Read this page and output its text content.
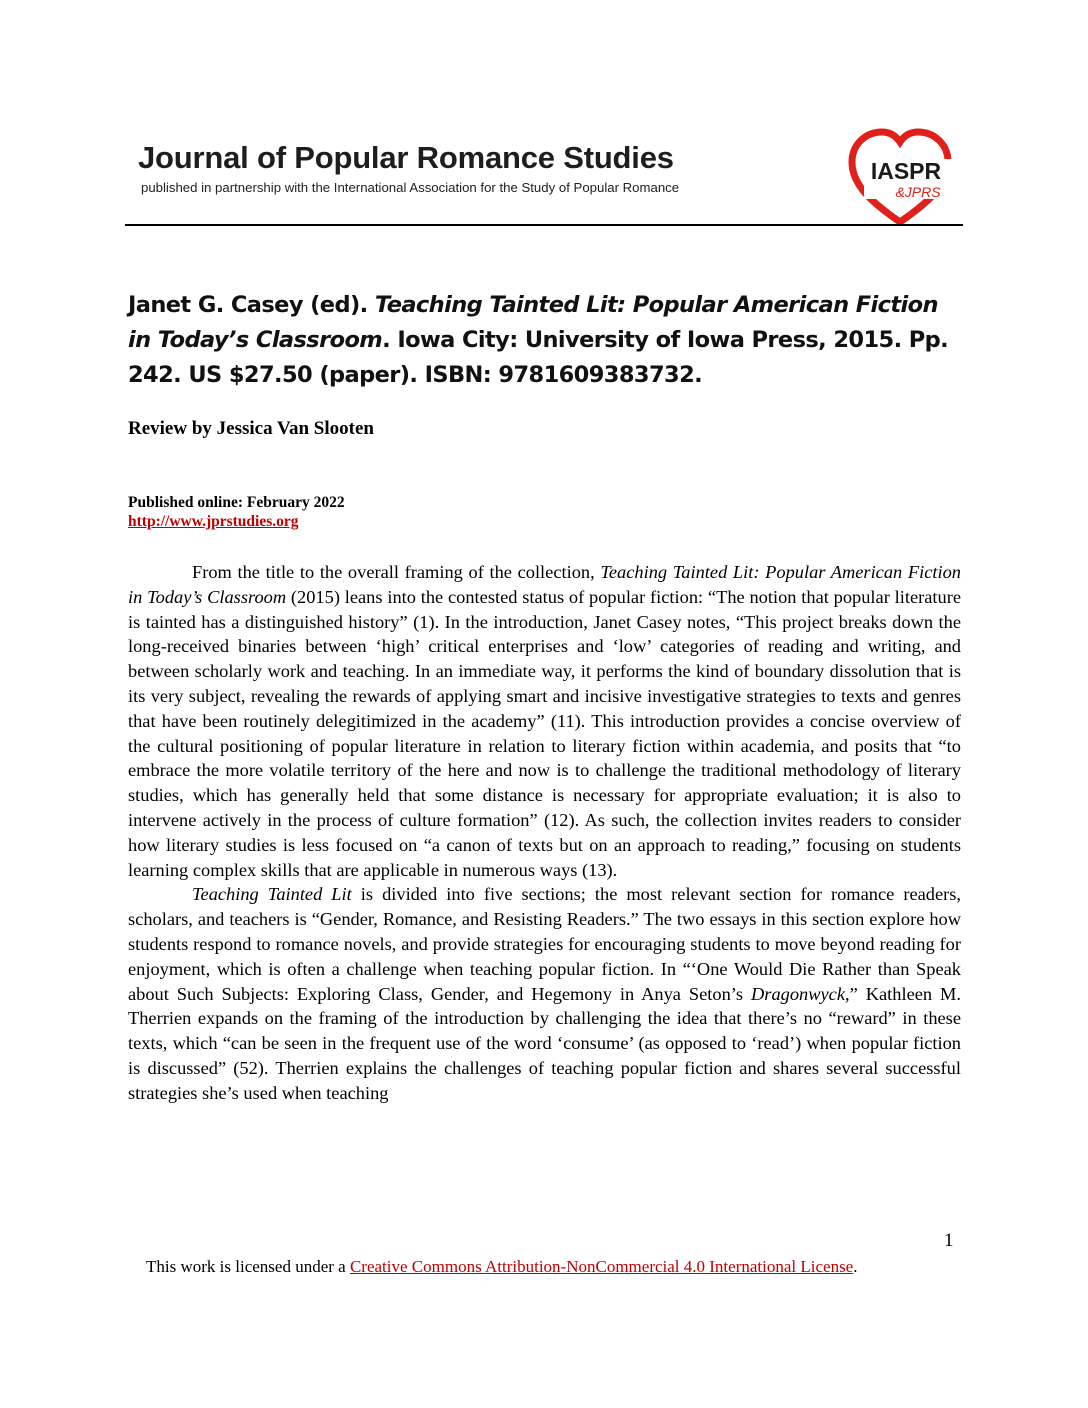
Journal of Popular Romance Studies
published in partnership with the International Association for the Study of Popular Romance
IASPR
&JPRS
Janet G. Casey (ed). Teaching Tainted Lit: Popular American Fiction in Today’s Classroom. Iowa City: University of Iowa Press, 2015. Pp. 242. US $27.50 (paper). ISBN: 9781609383732.
Review by Jessica Van Slooten
Published online: February 2022
http://www.jprstudies.org

From the title to the overall framing of the collection, Teaching Tainted Lit: Popular American Fiction in Today’s Classroom (2015) leans into the contested status of popular fiction: “The notion that popular literature is tainted has a distinguished history” (1). In the introduction, Janet Casey notes, “This project breaks down the long-received binaries between ‘high’ critical enterprises and ‘low’ categories of reading and writing, and between scholarly work and teaching. In an immediate way, it performs the kind of boundary dissolution that is its very subject, revealing the rewards of applying smart and incisive investigative strategies to texts and genres that have been routinely delegitimized in the academy” (11). This introduction provides a concise overview of the cultural positioning of popular literature in relation to literary fiction within academia, and posits that “to embrace the more volatile territory of the here and now is to challenge the traditional methodology of literary studies, which has generally held that some distance is necessary for appropriate evaluation; it is also to intervene actively in the process of culture formation” (12). As such, the collection invites readers to consider how literary studies is less focused on “a canon of texts but on an approach to reading,” focusing on students learning complex skills that are applicable in numerous ways (13).

Teaching Tainted Lit is divided into five sections; the most relevant section for romance readers, scholars, and teachers is “Gender, Romance, and Resisting Readers.” The two essays in this section explore how students respond to romance novels, and provide strategies for encouraging students to move beyond reading for enjoyment, which is often a challenge when teaching popular fiction. In “‘One Would Die Rather than Speak about Such Subjects: Exploring Class, Gender, and Hegemony in Anya Seton’s Dragonwyck,” Kathleen M. Therrien expands on the framing of the introduction by challenging the idea that there’s no “reward” in these texts, which “can be seen in the frequent use of the word ‘consume’ (as opposed to ‘read’) when popular fiction is discussed” (52). Therrien explains the challenges of teaching popular fiction and shares several successful strategies she’s used when teaching

1
This work is licensed under a Creative Commons Attribution-NonCommercial 4.0 International License.
